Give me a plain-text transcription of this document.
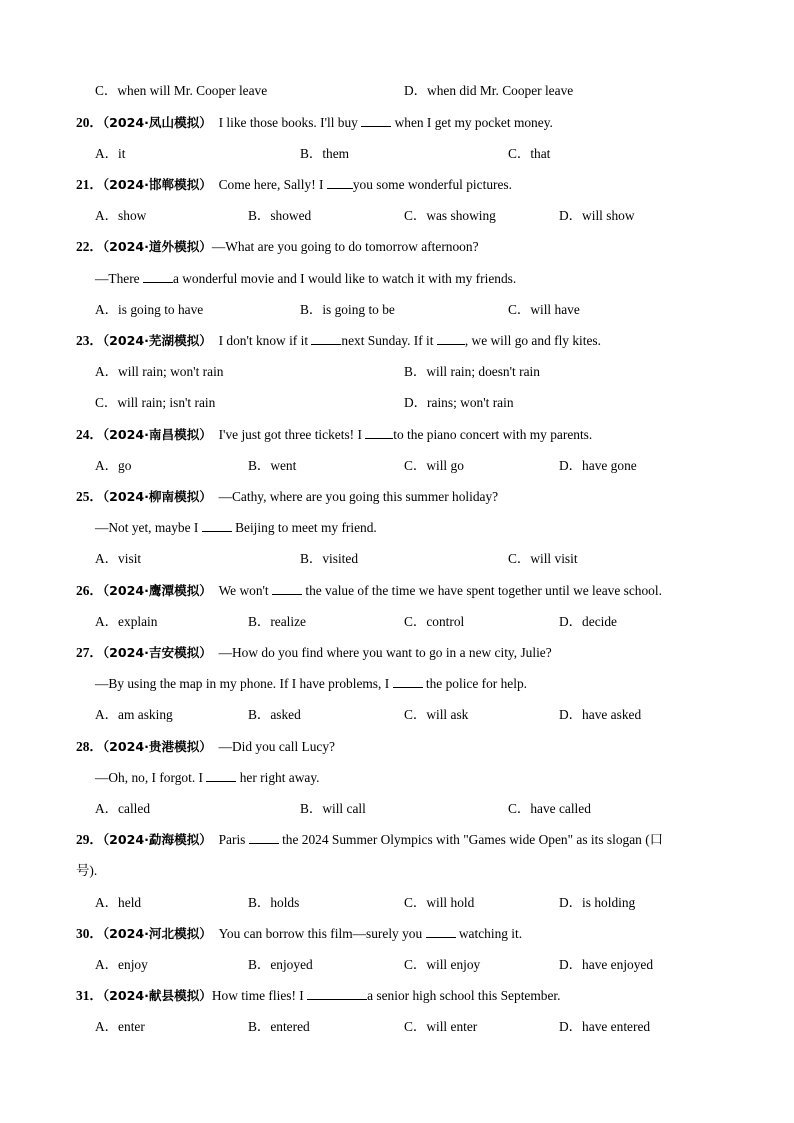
C．when will Mr. Cooper leave	D．when did Mr. Cooper leave
20．（2024·凤山模拟） I like those books. I'll buy  when I get my pocket money.
A．it	B．them	C．that
21．（2024·邯郸模拟） Come here, Sally! I you some wonderful pictures.
A．show	B．showed	C．was showing	D．will show
22．（2024·道外模拟）—What are you going to do tomorrow afternoon?
—There a wonderful movie and I would like to watch it with my friends.
A．is going to have	B．is going to be	C．will have
23．（2024·芜湖模拟） I don't know if it next Sunday. If it , we will go and fly kites.
A．will rain; won't rain	B．will rain; doesn't rain
C．will rain; isn't rain	D．rains; won't rain
24．（2024·南昌模拟） I've just got three tickets! I to the piano concert with my parents.
A．go	B．went	C．will go	D．have gone
25．（2024·柳南模拟） —Cathy, where are you going this summer holiday?
—Not yet, maybe I  Beijing to meet my friend.
A．visit	B．visited	C．will visit
26．（2024·鹰潭模拟） We won't  the value of the time we have spent together until we leave school.
A．explain	B．realize	C．control	D．decide
27．（2024·吉安模拟） —How do you find where you want to go in a new city, Julie?
—By using the map in my phone. If I have problems, I  the police for help.
A．am asking	B．asked	C．will ask	D．have asked
28．（2024·贵港模拟） —Did you call Lucy?
—Oh, no, I forgot. I  her right away.
A．called	B．will call	C．have called
29．（2024·勐海模拟） Paris  the 2024 Summer Olympics with "Games wide Open" as its slogan (口
号).
A．held	B．holds	C．will hold	D．is holding
30．（2024·河北模拟） You can borrow this film—surely you  watching it.
A．enjoy	B．enjoyed	C．will enjoy	D．have enjoyed
31．（2024·献县模拟）How time flies! I	a senior high school this September.
A．enter	B．entered	C．will enter	D．have entered
